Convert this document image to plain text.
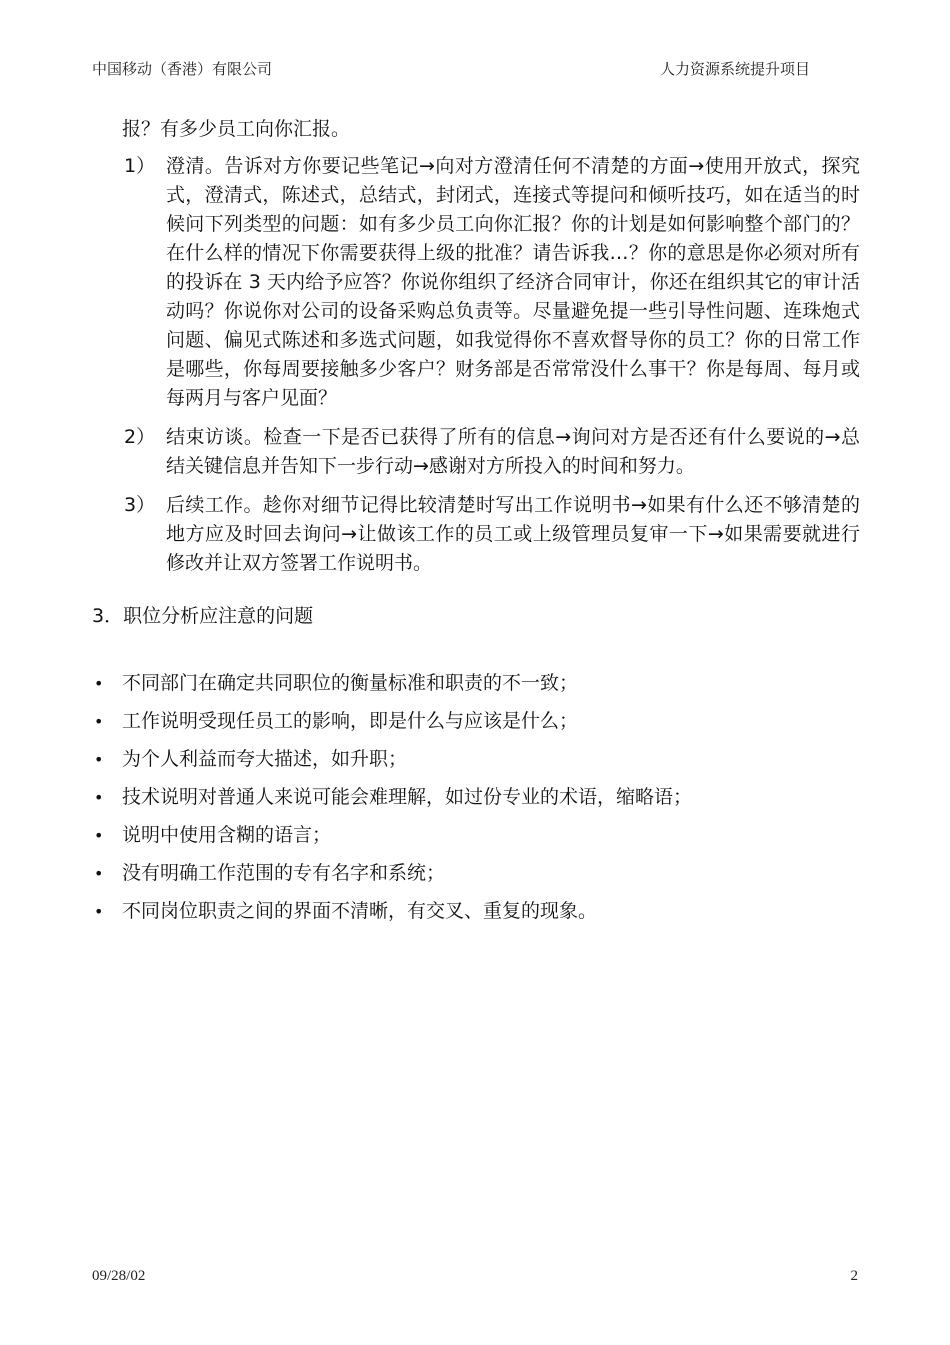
中国移动（香港）有限公司	人力资源系统提升项目
报？有多少员工向你汇报。
1） 澄清。告诉对方你要记些笔记→向对方澄清任何不清楚的方面→使用开放式，探究式，澄清式，陈述式，总结式，封闭式，连接式等提问和倾听技巧，如在适当的时候问下列类型的问题：如有多少员工向你汇报？你的计划是如何影响整个部门的？在什么样的情况下你需要获得上级的批准？请告诉我…？你的意思是你必须对所有的投诉在 3 天内给予应答？你说你组织了经济合同审计，你还在组织其它的审计活动吗？你说你对公司的设备采购总负责等。尽量避免提一些引导性问题、连珠炮式问题、偏见式陈述和多选式问题，如我觉得你不喜欢督导你的员工？你的日常工作是哪些，你每周要接触多少客户？财务部是否常常没什么事干？你是每周、每月或每两月与客户见面？
2） 结束访谈。检查一下是否已获得了所有的信息→询问对方是否还有什么要说的→总结关键信息并告知下一步行动→感谢对方所投入的时间和努力。
3） 后续工作。趁你对细节记得比较清楚时写出工作说明书→如果有什么还不够清楚的地方应及时回去询问→让做该工作的员工或上级管理员复审一下→如果需要就进行修改并让双方签署工作说明书。
3．职位分析应注意的问题
• 不同部门在确定共同职位的衡量标准和职责的不一致；
• 工作说明受现任员工的影响，即是什么与应该是什么；
• 为个人利益而夸大描述，如升职；
• 技术说明对普通人来说可能会难理解，如过份专业的术语，缩略语；
• 说明中使用含糊的语言；
• 没有明确工作范围的专有名字和系统；
• 不同岗位职责之间的界面不清晰，有交叉、重复的现象。
09/28/02	2
